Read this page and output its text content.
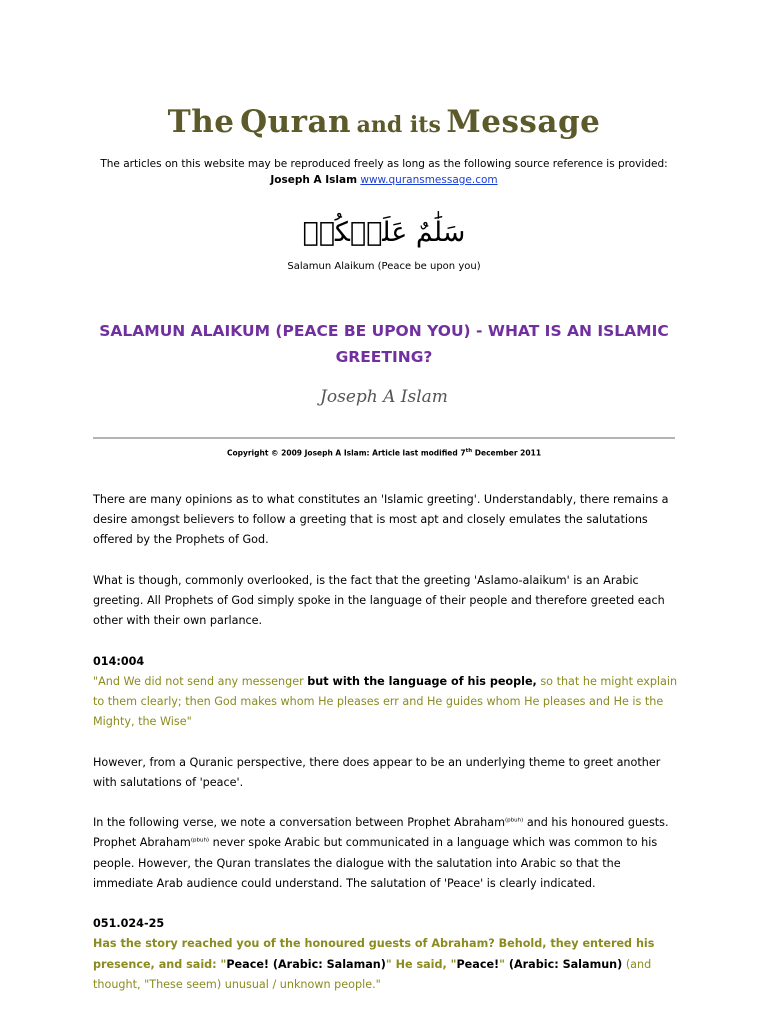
The Quran and its Message
The articles on this website may be reproduced freely as long as the following source reference is provided:
Joseph A Islam www.quransmessage.com
سَلَٰمٌ عَلَيۡكُمۡ
Salamun Alaikum (Peace be upon you)
SALAMUN ALAIKUM (PEACE BE UPON YOU) - WHAT IS AN ISLAMIC GREETING?
Joseph A Islam
Copyright © 2009 Joseph A Islam: Article last modified 7th December 2011

There are many opinions as to what constitutes an 'Islamic greeting'. Understandably, there remains a desire amongst believers to follow a greeting that is most apt and closely emulates the salutations offered by the Prophets of God.

What is though, commonly overlooked, is the fact that the greeting 'Aslamo-alaikum' is an Arabic greeting. All Prophets of God simply spoke in the language of their people and therefore greeted each other with their own parlance.

014:004

"And We did not send any messenger but with the language of his people, so that he might explain to them clearly; then God makes whom He pleases err and He guides whom He pleases and He is the Mighty, the Wise"

However, from a Quranic perspective, there does appear to be an underlying theme to greet another with salutations of 'peace'.

In the following verse, we note a conversation between Prophet Abraham$^{(pbuh)}$ and his honoured guests. Prophet Abraham$^{(pbuh)}$ never spoke Arabic but communicated in a language which was common to his people. However, the Quran translates the dialogue with the salutation into Arabic so that the immediate Arab audience could understand. The salutation of 'Peace' is clearly indicated.

051.024-25

Has the story reached you of the honoured guests of Abraham? Behold, they entered his presence, and said: "Peace! (Arabic: Salaman)" He said, "Peace!" (Arabic: Salamun) (and thought, "These seem) unusual / unknown people."
